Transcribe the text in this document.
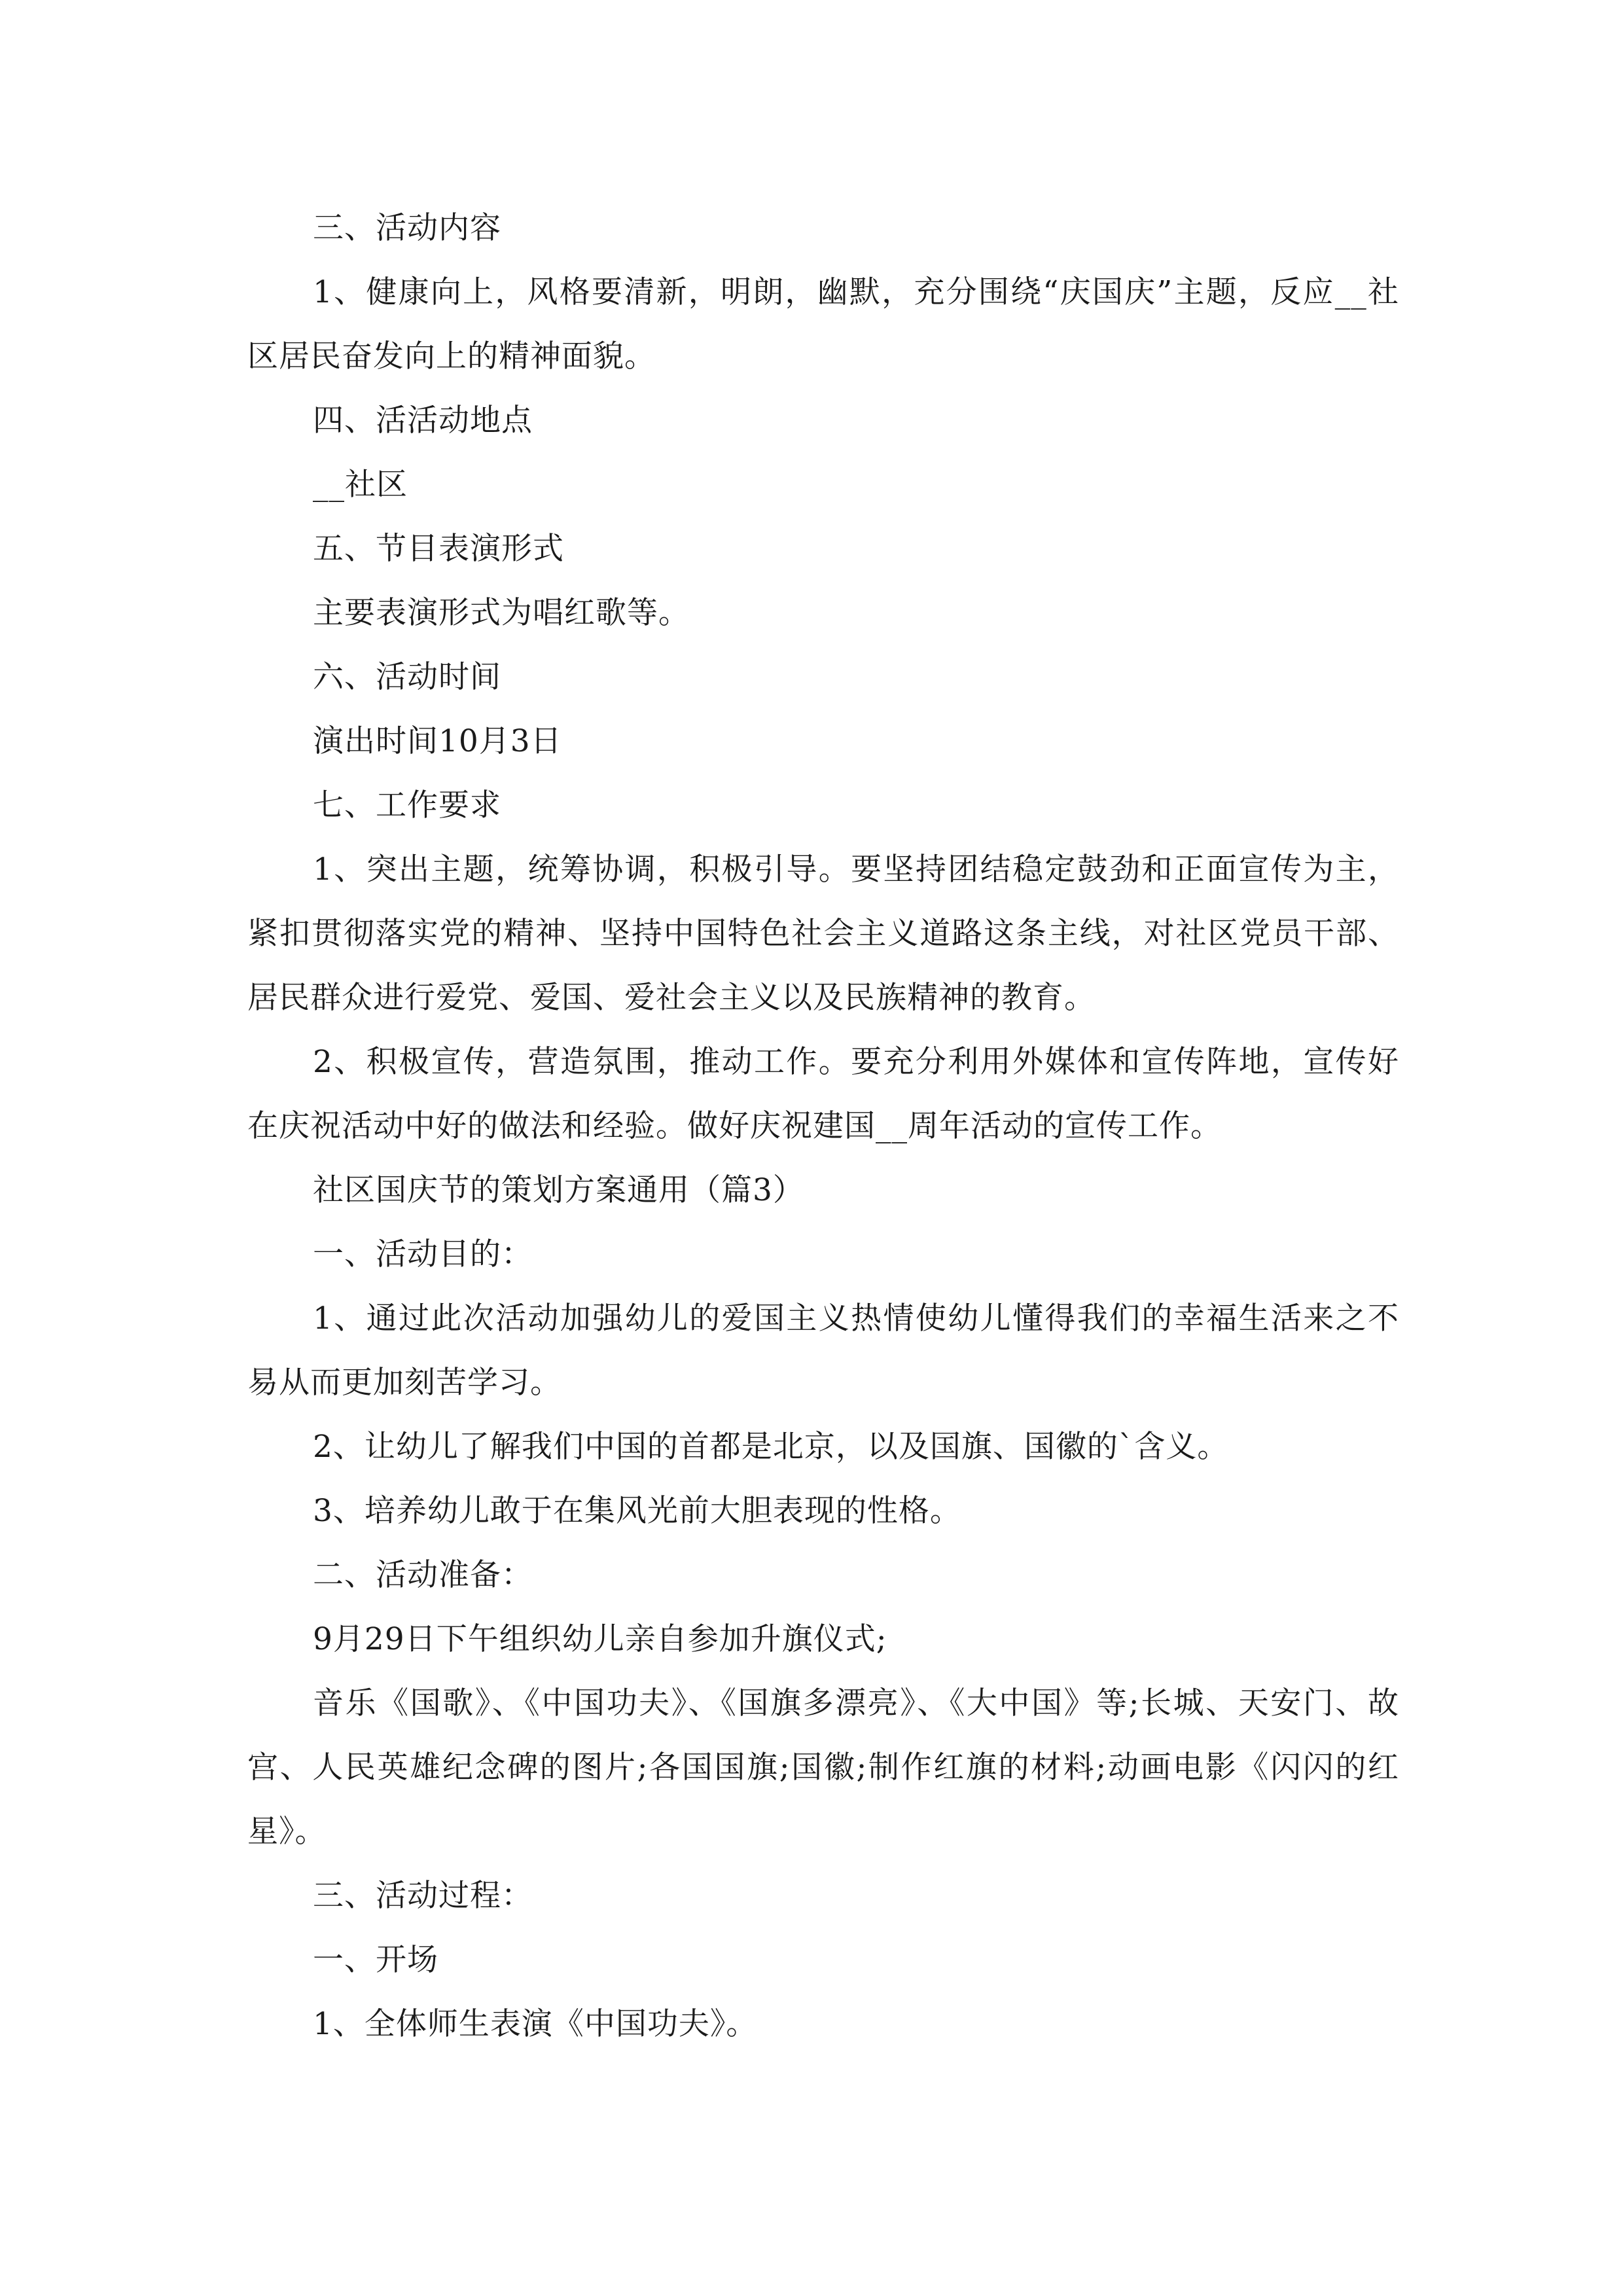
三、活动内容

1、健康向上，风格要清新，明朗，幽默，充分围绕“庆国庆”主题，反应__社区居民奋发向上的精神面貌。

四、活活动地点

__社区

五、节目表演形式

主要表演形式为唱红歌等。

六、活动时间

演出时间10月3日

七、工作要求

1、突出主题，统筹协调，积极引导。要坚持团结稳定鼓劲和正面宣传为主，紧扣贯彻落实党的精神、坚持中国特色社会主义道路这条主线，对社区党员干部、居民群众进行爱党、爱国、爱社会主义以及民族精神的教育。

2、积极宣传，营造氛围，推动工作。要充分利用外媒体和宣传阵地，宣传好在庆祝活动中好的做法和经验。做好庆祝建国__周年活动的宣传工作。

社区国庆节的策划方案通用（篇3）

一、活动目的：

1、通过此次活动加强幼儿的爱国主义热情使幼儿懂得我们的幸福生活来之不易从而更加刻苦学习。

2、让幼儿了解我们中国的首都是北京，以及国旗、国徽的`含义。

3、培养幼儿敢于在集风光前大胆表现的性格。

二、活动准备：

9月29日下午组织幼儿亲自参加升旗仪式;

音乐《国歌》、《中国功夫》、《国旗多漂亮》、《大中国》等;长城、天安门、故宫、人民英雄纪念碑的图片;各国国旗;国徽;制作红旗的材料;动画电影《闪闪的红星》。

三、活动过程：

一、开场

1、全体师生表演《中国功夫》。
